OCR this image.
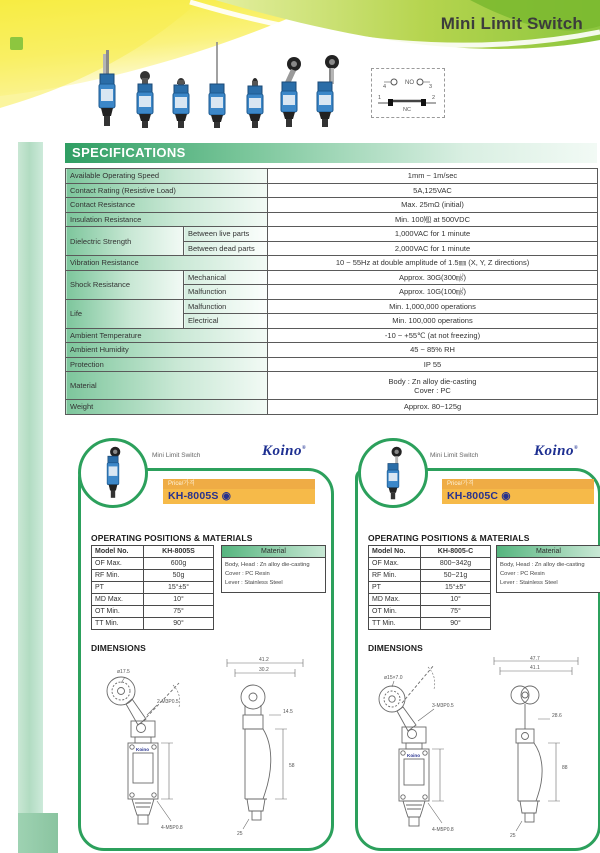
Mini Limit Switch
4
NO
3
1
NC
2
SPECIFICATIONS
Available Operating Speed		1mm ~ 1m/sec
Contact Rating (Resistive Load)		5A,125VAC
Contact Resistance		Max. 25mΩ (initial)
Insulation Resistance		Min. 100㏁ at 500VDC
Dielectric Strength	Between live parts	1,000VAC for 1 minute
	Between dead parts	2,000VAC for 1 minute
Vibration Resistance		10 ~ 55Hz at double amplitude of 1.5㎜ (X, Y, Z directions)
Shock Resistance	Mechanical	Approx. 30G(300㎨)
	Malfunction	Approx. 10G(100㎨)
Life	Malfunction	Min. 1,000,000 operations
	Electrical	Min. 100,000 operations
Ambient Temperature		-10 ~ +55℃ (at not freezing)
Ambient Humidity		45 ~ 85% RH
Protection		IP 55
Material		Body : Zn alloy die-casting
Cover : PC

Weight		Approx. 80~125g
Mini Limit Switch	Koino®
Price/가격
KH-8005S ◉
OPERATING POSITIONS & MATERIALS
Model No.	KH-8005S
OF Max.	600g
RF Min.	50g
PT	15°±5°
MD Max.	10°
OT Min.	75°
TT Min.	90°
Material
Body, Head : Zn alloy die-casting
Cover : PC Resin
Lever : Stainless Steel
DIMENSIONS
ø17.5
2-M3P0.5
4-M5P0.8
Koino
41.2
30.2
14.5
58
25
Mini Limit Switch	Koino®
Price/가격
KH-8005C ◉
OPERATING POSITIONS & MATERIALS
Model No.	KH-8005-C
OF Max.	800~342g
RF Min.	50~21g
PT	15°±5°
MD Max.	10°
OT Min.	75°
TT Min.	90°
Material
Body, Head : Zn alloy die-casting
Cover : PC Resin
Lever : Stainless Steel
DIMENSIONS
ø15×7.0
3-M3P0.5
4-M5P0.8
Koino
47.7
41.1
28.6
88
25
